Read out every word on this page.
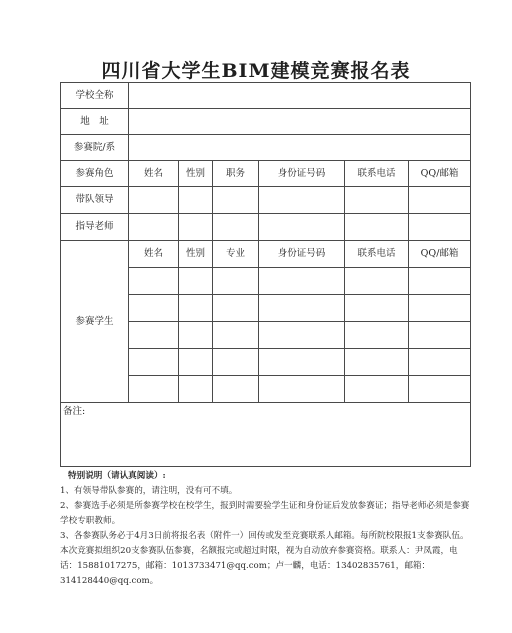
四川省大学生BIM建模竞赛报名表
学校全称						
地　址						
参赛院/系						
参赛角色	姓名	性别	职务	身份证号码	联系电话	QQ/邮箱
带队领导						
指导老师						
参赛学生	姓名	性别	专业	身份证号码	联系电话	QQ/邮箱

备注:						

特别说明（请认真阅读）:

1、有领导带队参赛的，请注明，没有可不填。

2、参赛选手必须是所参赛学校在校学生，报到时需要验学生证和身份证后发放参赛证；指导老师必须是参赛学校专职教师。

3、各参赛队务必于4月3日前将报名表（附件一）回传或发至竞赛联系人邮箱。每所院校限报1支参赛队伍。本次竞赛拟组织20支参赛队伍参赛，名额报完或超过时限，视为自动放弃参赛资格。联系人：尹凤霞，电话：15881017275，邮箱：1013733471@qq.com；卢一麟，电话：13402835761，邮箱：314128440@qq.com。
